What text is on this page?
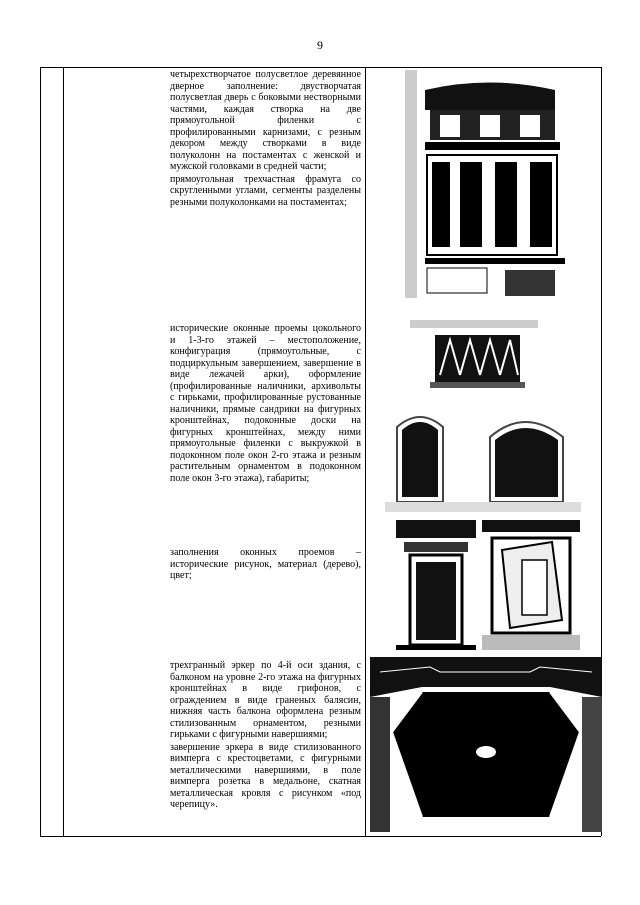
9

четырехстворчатое полусветлое деревянное дверное заполнение: двустворчатая полусветлая дверь с боковыми нестворными частями, каждая створка на две прямоугольной филенки с профилированными карнизами, с резным декором между створками в виде полуколонн на постаментах с женской и мужской головками в средней части;

прямоугольная трехчастная фрамуга со скругленными углами, сегменты разделены резными полуколонками на постаментах;

исторические оконные проемы цокольного и 1-3-го этажей – местоположение, конфигурация (прямоугольные, с подциркульным завершением, завершение в виде лежачей арки), оформление (профилированные наличники, архивольты с гирьками, профилированные рустованные наличники, прямые сандрики на фигурных кронштейнах, подоконные доски на фигурных кронштейнах, между ними прямоугольные филенки с выкружкой в подоконном поле окон 2-го этажа и резным растительным орнаментом в подоконном поле окон 3-го этажа), габариты;

заполнения оконных проемов – исторические рисунок, материал (дерево), цвет;

трехгранный эркер по 4-й оси здания, с балконом на уровне 2-го этажа на фигурных кронштейнах в виде грифонов, с ограждением в виде граненых балясин, нижняя часть балкона оформлена резным стилизованным орнаментом, резными гирьками с фигурными навершиями;

завершение эркера в виде стилизованного вимперга с крестоцветами, с фигурными металлическими навершиями, в поле вимперга розетка в медальоне, скатная металлическая кровля с рисунком «под черепицу».
